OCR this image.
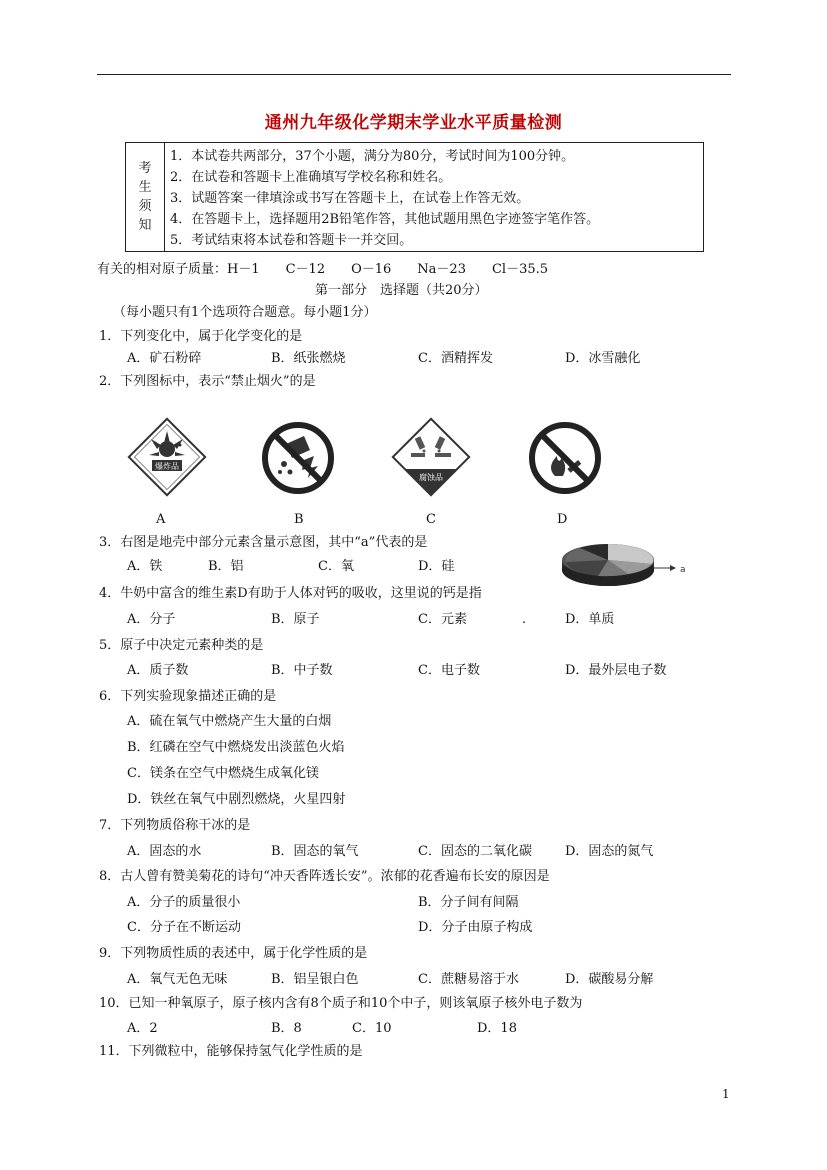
通州九年级化学期末学业水平质量检测
考
生
须
知
1．本试卷共两部分，37个小题，满分为80分，考试时间为100分钟。
2．在试卷和答题卡上准确填写学校名称和姓名。
3．试题答案一律填涂或书写在答题卡上，在试卷上作答无效。
4．在答题卡上，选择题用2B铅笔作答，其他试题用黑色字迹签字笔作答。
5．考试结束将本试卷和答题卡一并交回。
有关的相对原子质量：H－1　　C－12　　O－16　　Na－23　　Cl－35.5
第一部分　选择题（共20分）
（每小题只有1个选项符合题意。每小题1分）
1．下列变化中，属于化学变化的是
A．矿石粉碎	B．纸张燃烧	C．酒精挥发	D．冰雪融化
2．下列图标中，表示“禁止烟火”的是
爆炸品
腐蚀品
A	B	C	D
3．右图是地壳中部分元素含量示意图，其中“a”代表的是
A．铁	B．铝	C．氧	D．硅	a
4．牛奶中富含的维生素D有助于人体对钙的吸收，这里说的钙是指
A．分子	B．原子	C．元素	.	D．单质
5．原子中决定元素种类的是
A．质子数	B．中子数	C．电子数	D．最外层电子数
6．下列实验现象描述正确的是
A．硫在氧气中燃烧产生大量的白烟
B．红磷在空气中燃烧发出淡蓝色火焰
C．镁条在空气中燃烧生成氧化镁
D．铁丝在氧气中剧烈燃烧，火星四射
7．下列物质俗称干冰的是
A．固态的水	B．固态的氧气	C．固态的二氧化碳	D．固态的氮气
8．古人曾有赞美菊花的诗句“冲天香阵透长安”。浓郁的花香遍布长安的原因是
A．分子的质量很小	B．分子间有间隔
C．分子在不断运动	D．分子由原子构成
9．下列物质性质的表述中，属于化学性质的是
A．氧气无色无味	B．铝呈银白色	C．蔗糖易溶于水	D．碳酸易分解
10．已知一种氧原子，原子核内含有8个质子和10个中子，则该氧原子核外电子数为
A．2	B．8	C．10	D．18
11．下列微粒中，能够保持氢气化学性质的是
1
